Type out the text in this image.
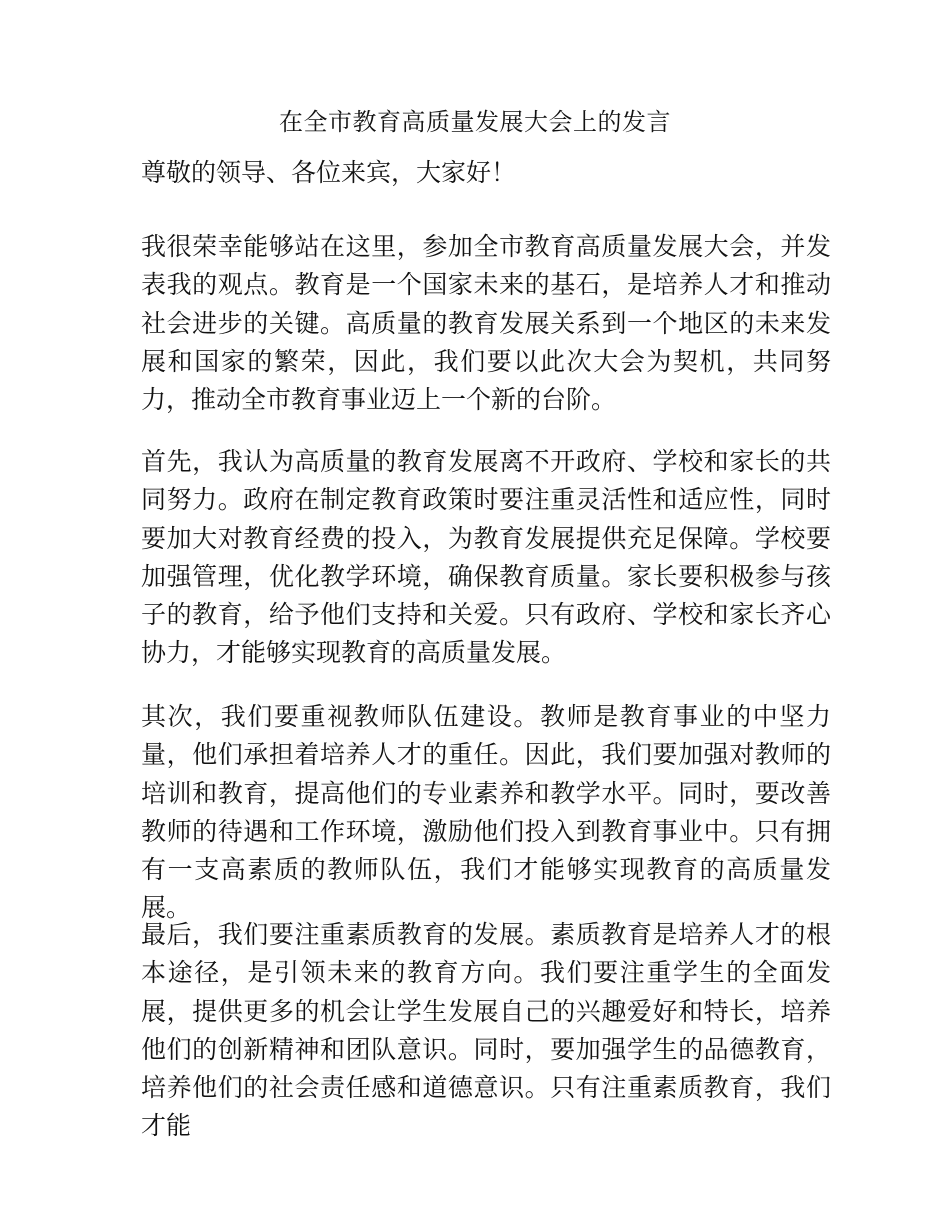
在全市教育高质量发展大会上的发言
尊敬的领导、各位来宾，大家好！

我很荣幸能够站在这里，参加全市教育高质量发展大会，并发表我的观点。教育是一个国家未来的基石，是培养人才和推动社会进步的关键。高质量的教育发展关系到一个地区的未来发展和国家的繁荣，因此，我们要以此次大会为契机，共同努力，推动全市教育事业迈上一个新的台阶。

首先，我认为高质量的教育发展离不开政府、学校和家长的共同努力。政府在制定教育政策时要注重灵活性和适应性，同时要加大对教育经费的投入，为教育发展提供充足保障。学校要加强管理，优化教学环境，确保教育质量。家长要积极参与孩子的教育，给予他们支持和关爱。只有政府、学校和家长齐心协力，才能够实现教育的高质量发展。

其次，我们要重视教师队伍建设。教师是教育事业的中坚力量，他们承担着培养人才的重任。因此，我们要加强对教师的培训和教育，提高他们的专业素养和教学水平。同时，要改善教师的待遇和工作环境，激励他们投入到教育事业中。只有拥有一支高素质的教师队伍，我们才能够实现教育的高质量发展。

最后，我们要注重素质教育的发展。素质教育是培养人才的根本途径，是引领未来的教育方向。我们要注重学生的全面发展，提供更多的机会让学生发展自己的兴趣爱好和特长，培养他们的创新精神和团队意识。同时，要加强学生的品德教育，培养他们的社会责任感和道德意识。只有注重素质教育，我们才能
